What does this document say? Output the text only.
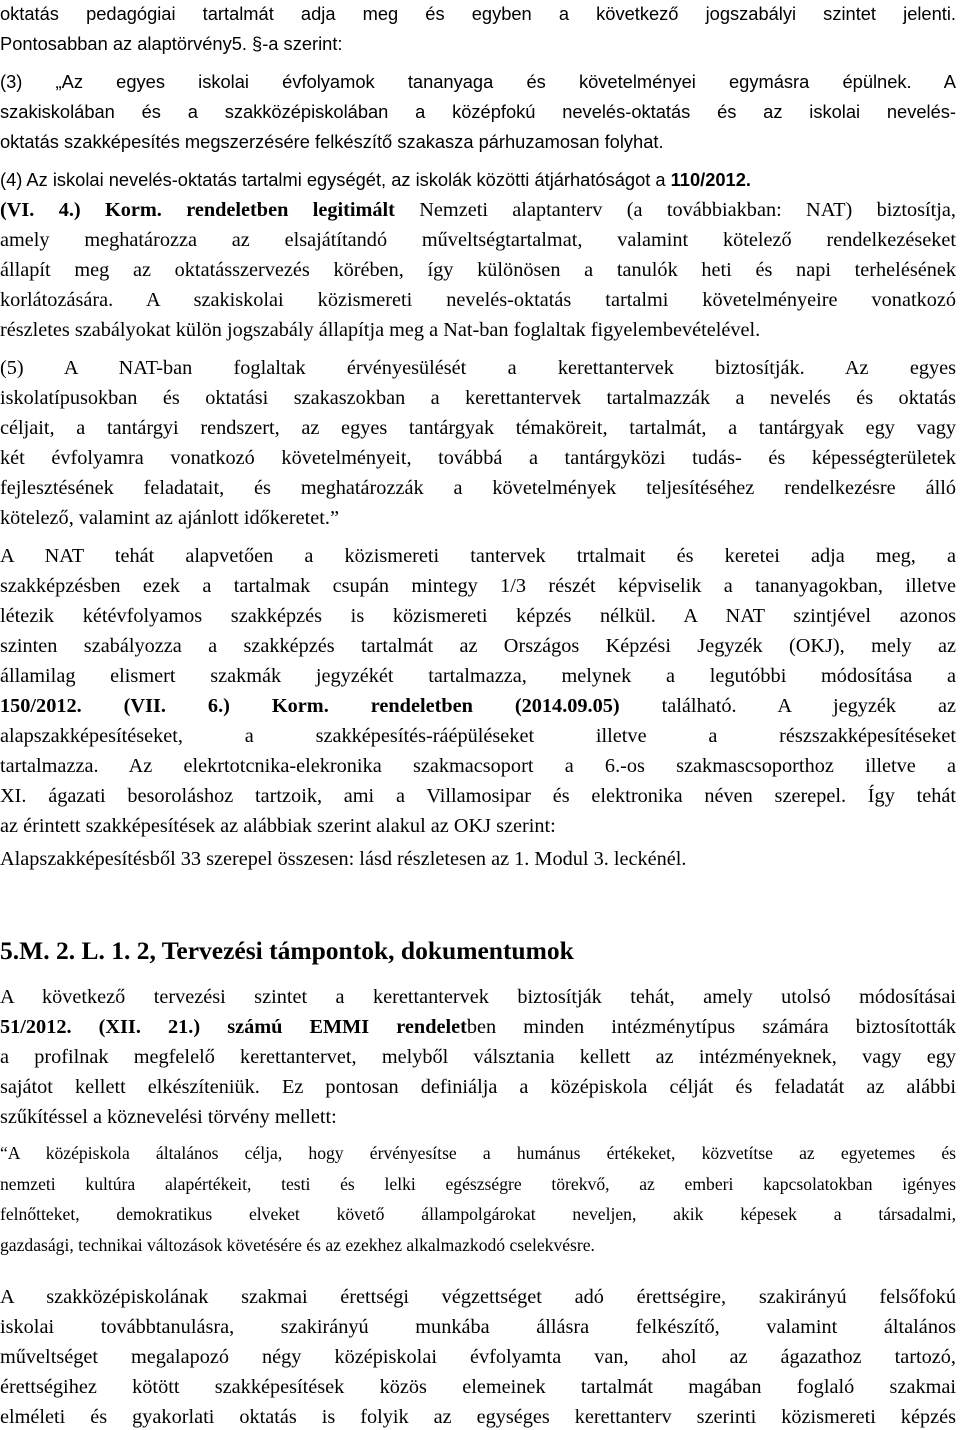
oktatás pedagógiai tartalmát adja meg és egyben a következő jogszabályi szintet jelenti.
Pontosabban az alaptörvény5. §-a szerint:
(3) „Az egyes iskolai évfolyamok tananyaga és követelményei egymásra épülnek. A
szakiskolában és a szakközépiskolában a középfokú nevelés-oktatás és az iskolai nevelés-
oktatás szakképesítés megszerzésére felkészítő szakasza párhuzamosan folyhat.
(4) Az iskolai nevelés-oktatás tartalmi egységét, az iskolák közötti átjárhatóságot a 110/2012.
(VI. 4.) Korm. rendeletben legitimált Nemzeti alaptanterv (a továbbiakban: NAT) biztosítja,
amely meghatározza az elsajátítandó műveltségtartalmat, valamint kötelező rendelkezéseket
állapít meg az oktatásszervezés körében, így különösen a tanulók heti és napi terhelésének
korlátozására. A szakiskolai közismereti nevelés-oktatás tartalmi követelményeire vonatkozó
részletes szabályokat külön jogszabály állapítja meg a Nat-ban foglaltak figyelembevételével.
(5) A NAT-ban foglaltak érvényesülését a kerettantervek biztosítják. Az egyes
iskolatípusokban és oktatási szakaszokban a kerettantervek tartalmazzák a nevelés és oktatás
céljait, a tantárgyi rendszert, az egyes tantárgyak témaköreit, tartalmát, a tantárgyak egy vagy
két évfolyamra vonatkozó követelményeit, továbbá a tantárgyközi tudás- és képességterületek
fejlesztésének feladatait, és meghatározzák a követelmények teljesítéséhez rendelkezésre álló
kötelező, valamint az ajánlott időkeretet.”
A NAT tehát alapvetően a közismereti tantervek trtalmait és keretei adja meg, a
szakképzésben ezek a tartalmak csupán mintegy 1/3 részét képviselik a tananyagokban, illetve
létezik kétévfolyamos szakképzés is közismereti képzés nélkül. A NAT szintjével azonos
szinten szabályozza a szakképzés tartalmát az Országos Képzési Jegyzék (OKJ), mely az
államilag elismert szakmák jegyzékét tartalmazza, melynek a legutóbbi módosítása a
150/2012. (VII. 6.) Korm. rendeletben (2014.09.05) található. A jegyzék az
alapszakképesítéseket, a szakképesítés-ráépüléseket illetve a részszakképesítéseket
tartalmazza. Az elekrtotcnika-elekronika szakmacsoport a 6.-os szakmascsoporthoz illetve a
XI. ágazati besoroláshoz tartzoik, ami a Villamosipar és elektronika néven szerepel. Így tehát
az érintett szakképesítések az alábbiak szerint alakul az OKJ szerint:
Alapszakképesítésből 33 szerepel összesen: lásd részletesen az 1. Modul 3. leckénél.
5.M. 2. L. 1. 2, Tervezési támpontok, dokumentumok
A következő tervezési szintet a kerettantervek biztosítják tehát, amely utolsó módosításai
51/2012. (XII. 21.) számú EMMI rendeletben minden intézménytípus számára biztosították
a profilnak megfelelő kerettantervet, melyből válsztania kellett az intézményeknek, vagy egy
sajátot kellett elkészíteniük. Ez pontosan definiálja a középiskola célját és feladatát az alábbi
szűkítéssel a köznevelési törvény mellett:
“A középiskola általános célja, hogy érvényesítse a humánus értékeket, közvetítse az egyetemes és
nemzeti kultúra alapértékeit, testi és lelki egészségre törekvő, az emberi kapcsolatokban igényes
felnőtteket, demokratikus elveket követő állampolgárokat neveljen, akik képesek a társadalmi,
gazdasági, technikai változások követésére és az ezekhez alkalmazkodó cselekvésre.
A szakközépiskolának szakmai érettségi végzettséget adó érettségire, szakirányú felsőfokú
iskolai továbbtanulásra, szakirányú munkába állásra felkészítő, valamint általános
műveltséget megalapozó négy középiskolai évfolyamta van, ahol az ágazathoz tartozó,
érettségihez kötött szakképesítések közös elemeinek tartalmát magában foglaló szakmai
elméleti és gyakorlati oktatás is folyik az egységes kerettanterv szerinti közismereti képzés
